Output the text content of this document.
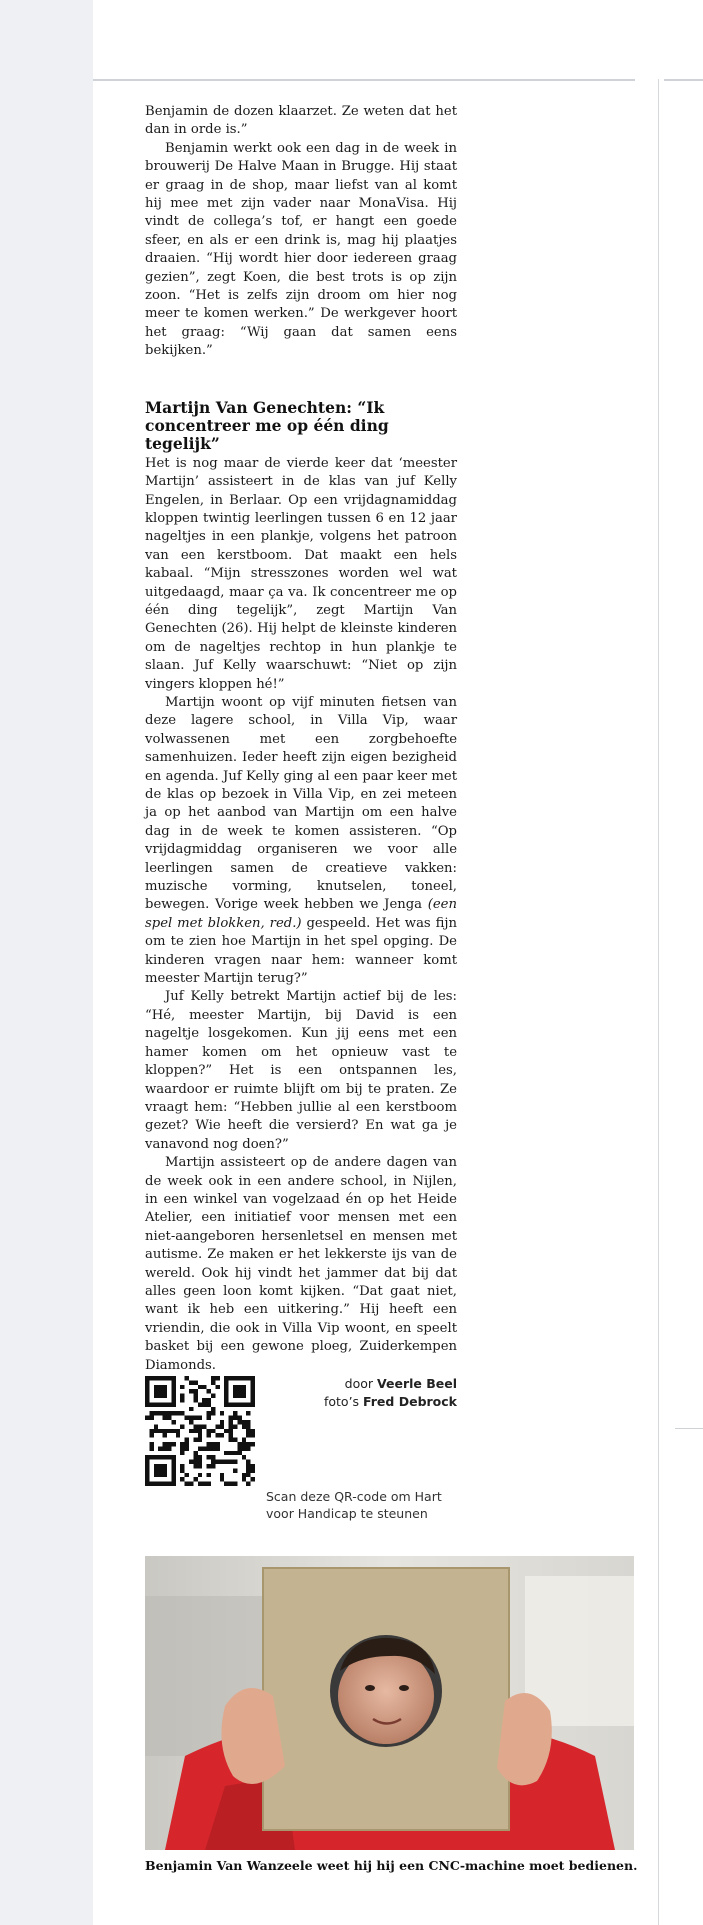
Benjamin de dozen klaarzet. Ze weten dat het dan in orde is.”

Benjamin werkt ook een dag in de week in brouwerij De Halve Maan in Brugge. Hij staat er graag in de shop, maar liefst van al komt hij mee met zijn vader naar MonaVisa. Hij vindt de collega’s tof, er hangt een goede sfeer, en als er een drink is, mag hij plaatjes draaien. “Hij wordt hier door iedereen graag gezien”, zegt Koen, die best trots is op zijn zoon. “Het is zelfs zijn droom om hier nog meer te komen werken.” De werkgever hoort het graag: “Wij gaan dat samen eens bekijken.”

Martijn Van Genechten: “Ik concentreer me op één ding tegelijk”

Het is nog maar de vierde keer dat ‘meester Martijn’ assisteert in de klas van juf Kelly Engelen, in Berlaar. Op een vrijdagnamiddag kloppen twintig leerlingen tussen 6 en 12 jaar nageltjes in een plankje, volgens het patroon van een kerstboom. Dat maakt een hels kabaal. “Mijn stresszones worden wel wat uitgedaagd, maar ça va. Ik concentreer me op één ding tegelijk”, zegt Martijn Van Genechten (26). Hij helpt de kleinste kinderen om de nageltjes rechtop in hun plankje te slaan. Juf Kelly waarschuwt: “Niet op zijn vingers kloppen hé!”

Martijn woont op vijf minuten fietsen van deze lagere school, in Villa Vip, waar volwassenen met een zorgbehoefte samenhuizen. Ieder heeft zijn eigen bezigheid en agenda. Juf Kelly ging al een paar keer met de klas op bezoek in Villa Vip, en zei meteen ja op het aanbod van Martijn om een halve dag in de week te komen assisteren. “Op vrijdagmiddag organiseren we voor alle leerlingen samen de creatieve vakken: muzische vorming, knutselen, toneel, bewegen. Vorige week hebben we Jenga (een spel met blokken, red.) gespeeld. Het was fijn om te zien hoe Martijn in het spel opging. De kinderen vragen naar hem: wanneer komt meester Martijn terug?”

Juf Kelly betrekt Martijn actief bij de les: “Hé, meester Martijn, bij David is een nageltje losgekomen. Kun jij eens met een hamer komen om het opnieuw vast te kloppen?” Het is een ontspannen les, waardoor er ruimte blijft om bij te praten. Ze vraagt hem: “Hebben jullie al een kerstboom gezet? Wie heeft die versierd? En wat ga je vanavond nog doen?”

Martijn assisteert op de andere dagen van de week ook in een andere school, in Nijlen, in een winkel van vogelzaad én op het Heide Atelier, een initiatief voor mensen met een niet-aangeboren hersenletsel en mensen met autisme. Ze maken er het lekkerste ijs van de wereld. Ook hij vindt het jammer dat bij dat alles geen loon komt kijken. “Dat gaat niet, want ik heb een uitkering.” Hij heeft een vriendin, die ook in Villa Vip woont, en speelt basket bij een gewone ploeg, Zuiderkempen Diamonds.

door Veerle Beel
foto’s Fred Debrock
Scan deze QR-code om Hart voor Handicap te steunen
Benjamin Van Wanzeele weet hij hij een CNC-machine moet bedienen.
